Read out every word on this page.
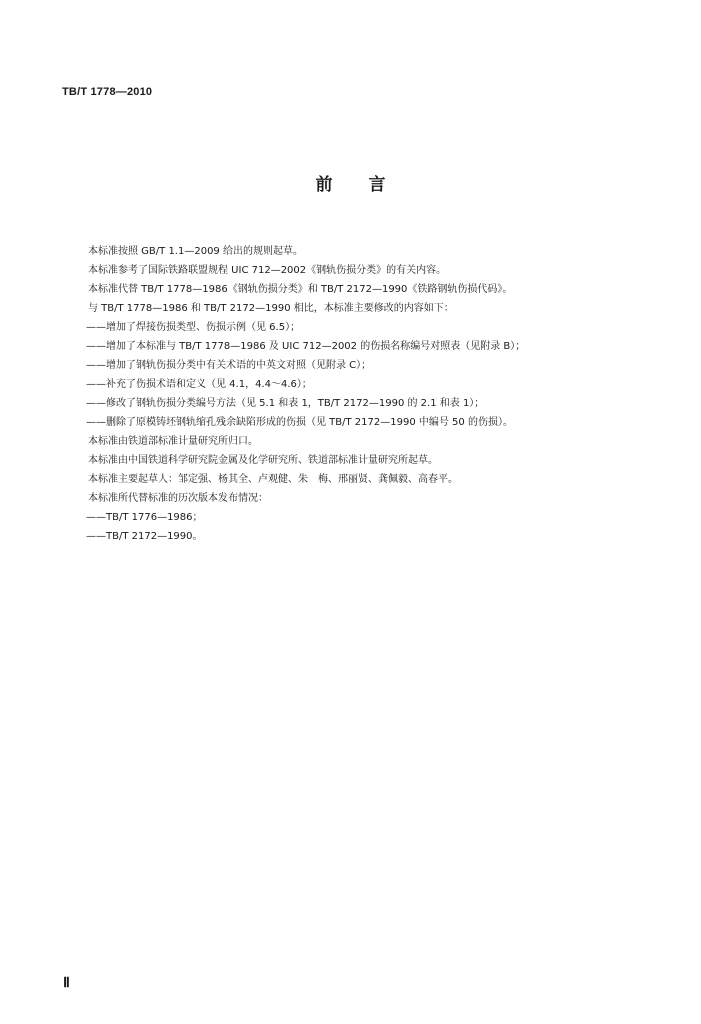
TB/T 1778—2010
前 言
本标准按照 GB/T 1.1—2009 给出的规则起草。
本标准参考了国际铁路联盟规程 UIC 712—2002《钢轨伤损分类》的有关内容。
本标准代替 TB/T 1778—1986《钢轨伤损分类》和 TB/T 2172—1990《铁路钢轨伤损代码》。
与 TB/T 1778—1986 和 TB/T 2172—1990 相比，本标准主要修改的内容如下：
——增加了焊接伤损类型、伤损示例（见 6.5）；
——增加了本标准与 TB/T 1778—1986 及 UIC 712—2002 的伤损名称编号对照表（见附录 B）；
——增加了钢轨伤损分类中有关术语的中英文对照（见附录 C）；
——补充了伤损术语和定义（见 4.1，4.4～4.6）；
——修改了钢轨伤损分类编号方法（见 5.1 和表 1，TB/T 2172—1990 的 2.1 和表 1）；
——删除了原模铸坯钢轨缩孔残余缺陷形成的伤损（见 TB/T 2172—1990 中编号 50 的伤损）。
本标准由铁道部标准计量研究所归口。
本标准由中国铁道科学研究院金属及化学研究所、铁道部标准计量研究所起草。
本标准主要起草人：邹定强、杨其全、卢观健、朱　梅、邢丽贤、龚佩毅、高春平。
本标准所代替标准的历次版本发布情况：
——TB/T 1776—1986；
——TB/T 2172—1990。
Ⅱ
